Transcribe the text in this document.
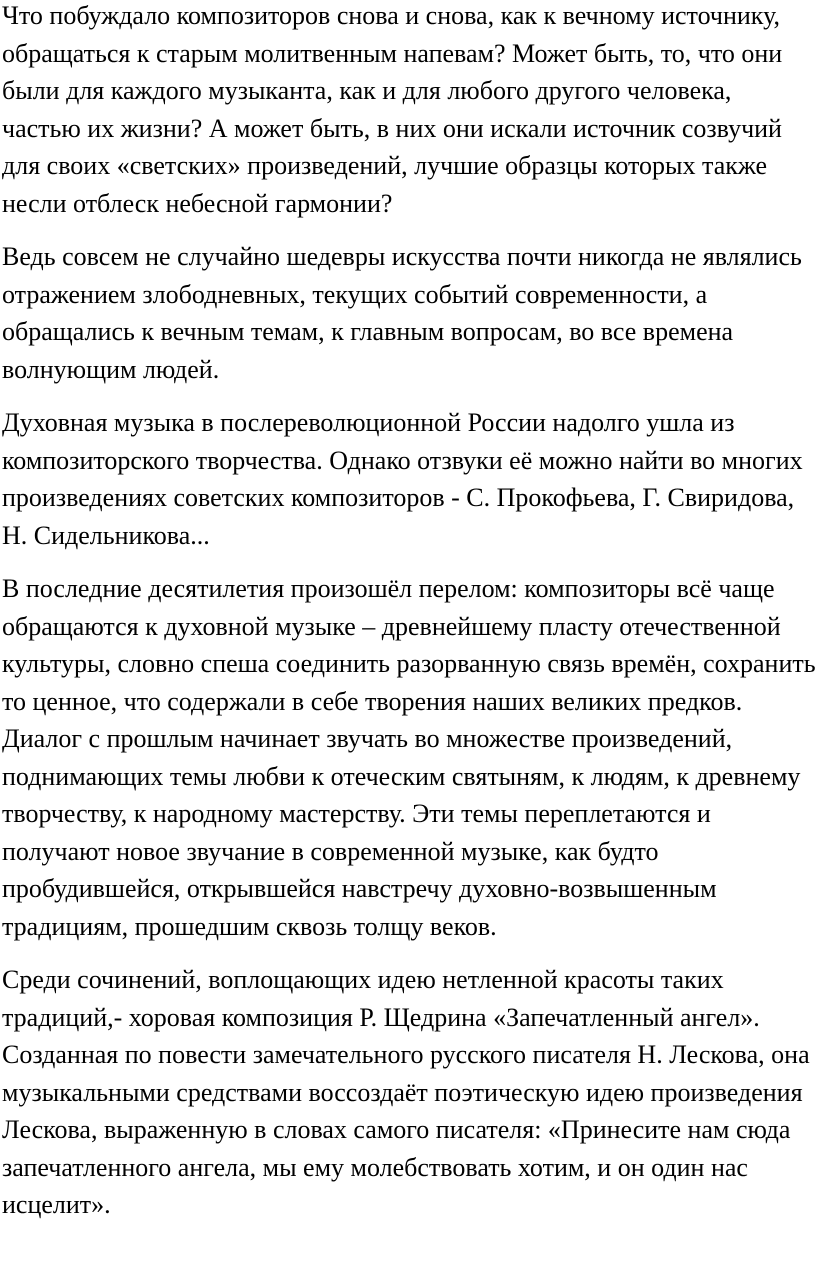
Что побуждало композиторов снова и снова, как к вечному источнику, обращаться к старым молитвенным напевам? Может быть, то, что они были для каждого музыканта, как и для любого другого человека, частью их жизни? А может быть, в них они искали источник созвучий для своих «светских» произведений, лучшие образцы которых также несли отблеск небесной гармонии?

Ведь совсем не случайно шедевры искусства почти никогда не являлись отражением злободневных, текущих событий современности, а обращались к вечным темам, к главным вопросам, во все времена волнующим людей.

Духовная музыка в послереволюционной России надолго ушла из композиторского творчества. Однако отзвуки её можно найти во многих произведениях советских композиторов - С. Прокофьева, Г. Свиридова, Н. Сидельникова...

В последние десятилетия произошёл перелом: композиторы всё чаще обращаются к духовной музыке – древнейшему пласту отечественной культуры, словно спеша соединить разорванную связь времён, сохранить то ценное, что содержали в себе творения наших великих предков. Диалог с прошлым начинает звучать во множестве произведений, поднимающих темы любви к отеческим святыням, к людям, к древнему творчеству, к народному мастерству. Эти темы переплетаются и получают новое звучание в современной музыке, как будто пробудившейся, открывшейся навстречу духовно-возвышенным традициям, прошедшим сквозь толщу веков.

Среди сочинений, воплощающих идею нетленной красоты таких традиций,- хоровая композиция Р. Щедрина «Запечатленный ангел». Созданная по повести замечательного русского писателя Н. Лескова, она музыкальными средствами воссоздаёт поэтическую идею произведения Лескова, выраженную в словах самого писателя: «Принесите нам сюда запечатленного ангела, мы ему молебствовать хотим, и он один нас исцелит».
